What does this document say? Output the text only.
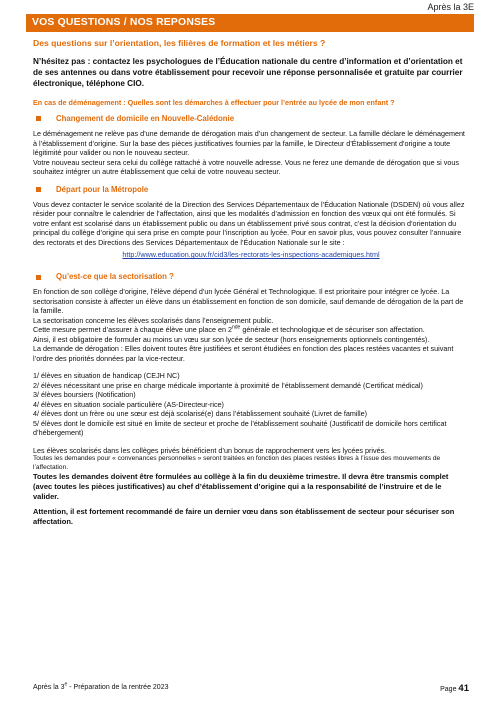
Après la 3E
VOS QUESTIONS / NOS REPONSES
Des questions sur l’orientation, les filières de formation et les métiers ?
N’hésitez pas : contactez les psychologues de l’Éducation nationale du centre d’information et d’orientation et de ses antennes ou dans votre établissement pour recevoir une réponse personnalisée et gratuite par courrier électronique, téléphone CIO.
En cas de déménagement : Quelles sont les démarches à effectuer pour l’entrée au lycée de mon enfant ?
Changement de domicile en Nouvelle-Calédonie

Le déménagement ne relève pas d’une demande de dérogation mais d’un changement de secteur. La famille déclare le déménagement à l’établissement d’origine. Sur la base des pièces justificatives fournies par la famille, le Directeur d’Établissement d’origine a toute légitimité pour valider ou non le nouveau secteur.

Votre nouveau secteur sera celui du collège rattaché à votre nouvelle adresse. Vous ne ferez une demande de dérogation que si vous souhaitez intégrer un autre établissement que celui de votre nouveau secteur.

Départ pour la Métropole

Vous devez contacter le service scolarité de la Direction des Services Départementaux de l’Éducation Nationale (DSDEN) où vous allez résider pour connaître le calendrier de l’affectation, ainsi que les modalités d’admission en fonction des vœux qui ont été formulés. Si votre enfant est scolarisé dans un établissement public ou dans un établissement privé sous contrat, c’est la décision d’orientation du principal du collège d’origine qui sera prise en compte pour l’inscription au lycée. Pour en savoir plus, vous pouvez consulter l’annuaire des rectorats et des Directions des Services Départementaux de l’Éducation Nationale sur le site :

http://www.education.gouv.fr/cid3/les-rectorats-les-inspections-academiques.html

Qu’est-ce que la sectorisation ?

En fonction de son collège d’origine, l’élève dépend d’un lycée Général et Technologique. Il est prioritaire pour intégrer ce lycée. La sectorisation consiste à affecter un élève dans un établissement en fonction de son domicile, sauf demande de dérogation de la part de la famille.

La sectorisation concerne les élèves scolarisés dans l’enseignement public.

Cette mesure permet d’assurer à chaque élève une place en 2nde générale et technologique et de sécuriser son affectation.

Ainsi, il est obligatoire de formuler au moins un vœu sur son lycée de secteur (hors enseignements optionnels contingentés).

La demande de dérogation : Elles doivent toutes être justifiées et seront étudiées en fonction des places restées vacantes et suivant l’ordre des priorités données par la vice-recteur.

1/ élèves en situation de handicap (CEJH NC)

2/ élèves nécessitant une prise en charge médicale importante à proximité de l’établissement demandé (Certificat médical)

3/ élèves boursiers (Notification)

4/ élèves en situation sociale particulière (AS-Directeur-rice)

4/ élèves dont un frère ou une sœur est déjà scolarisé(e) dans l’établissement souhaité (Livret de famille)

5/ élèves dont le domicile est situé en limite de secteur et proche de l’établissement souhaité (Justificatif de domicile hors certificat d’hébergement)

Les élèves scolarisés dans les collèges privés bénéficient d’un bonus de rapprochement vers les lycées privés.

Toutes les demandes pour « convenances personnelles » seront traitées en fonction des places restées libres à l’issue des mouvements de l’affectation.

Toutes les demandes doivent être formulées au collège à la fin du deuxième trimestre. Il devra être transmis complet (avec toutes les pièces justificatives) au chef d’établissement d’origine qui a la responsabilité de l’instruire et de le valider.

Attention, il est fortement recommandé de faire un dernier vœu dans son établissement de secteur pour sécuriser son affectation.

Après la 3e - Préparation de la rentrée 2023	Page 41
